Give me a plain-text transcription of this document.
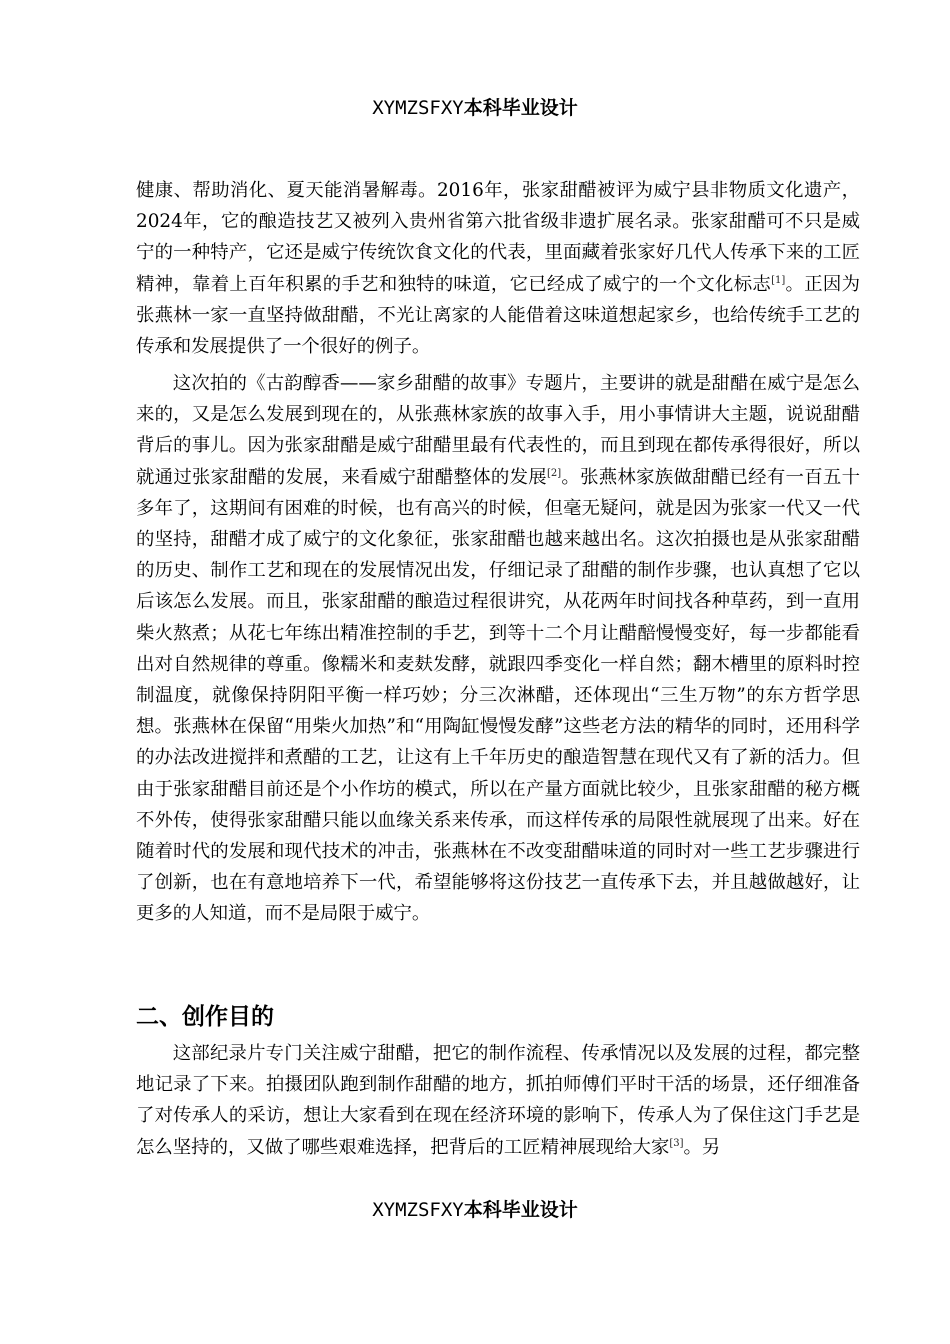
XYMZSFXY本科毕业设计

健康、帮助消化、夏天能消暑解毒。2016年，张家甜醋被评为威宁县非物质文化遗产，2024年，它的酿造技艺又被列入贵州省第六批省级非遗扩展名录。张家甜醋可不只是威宁的一种特产，它还是威宁传统饮食文化的代表，里面藏着张家好几代人传承下来的工匠精神，靠着上百年积累的手艺和独特的味道，它已经成了威宁的一个文化标志[1]。正因为张燕林一家一直坚持做甜醋，不光让离家的人能借着这味道想起家乡，也给传统手工艺的传承和发展提供了一个很好的例子。

这次拍的《古韵醇香——家乡甜醋的故事》专题片，主要讲的就是甜醋在威宁是怎么来的，又是怎么发展到现在的，从张燕林家族的故事入手，用小事情讲大主题，说说甜醋背后的事儿。因为张家甜醋是威宁甜醋里最有代表性的，而且到现在都传承得很好，所以就通过张家甜醋的发展，来看威宁甜醋整体的发展[2]。张燕林家族做甜醋已经有一百五十多年了，这期间有困难的时候，也有高兴的时候，但毫无疑问，就是因为张家一代又一代的坚持，甜醋才成了威宁的文化象征，张家甜醋也越来越出名。这次拍摄也是从张家甜醋的历史、制作工艺和现在的发展情况出发，仔细记录了甜醋的制作步骤，也认真想了它以后该怎么发展。而且，张家甜醋的酿造过程很讲究，从花两年时间找各种草药，到一直用柴火熬煮；从花七年练出精准控制的手艺，到等十二个月让醋醅慢慢变好，每一步都能看出对自然规律的尊重。像糯米和麦麸发酵，就跟四季变化一样自然；翻木槽里的原料时控制温度，就像保持阴阳平衡一样巧妙；分三次淋醋，还体现出“三生万物”的东方哲学思想。张燕林在保留“用柴火加热”和“用陶缸慢慢发酵”这些老方法的精华的同时，还用科学的办法改进搅拌和煮醋的工艺，让这有上千年历史的酿造智慧在现代又有了新的活力。但由于张家甜醋目前还是个小作坊的模式，所以在产量方面就比较少，且张家甜醋的秘方概不外传，使得张家甜醋只能以血缘关系来传承，而这样传承的局限性就展现了出来。好在随着时代的发展和现代技术的冲击，张燕林在不改变甜醋味道的同时对一些工艺步骤进行了创新，也在有意地培养下一代，希望能够将这份技艺一直传承下去，并且越做越好，让更多的人知道，而不是局限于威宁。

二、创作目的

这部纪录片专门关注威宁甜醋，把它的制作流程、传承情况以及发展的过程，都完整地记录了下来。拍摄团队跑到制作甜醋的地方，抓拍师傅们平时干活的场景，还仔细准备了对传承人的采访，想让大家看到在现在经济环境的影响下，传承人为了保住这门手艺是怎么坚持的，又做了哪些艰难选择，把背后的工匠精神展现给大家[3]。另

XYMZSFXY本科毕业设计
